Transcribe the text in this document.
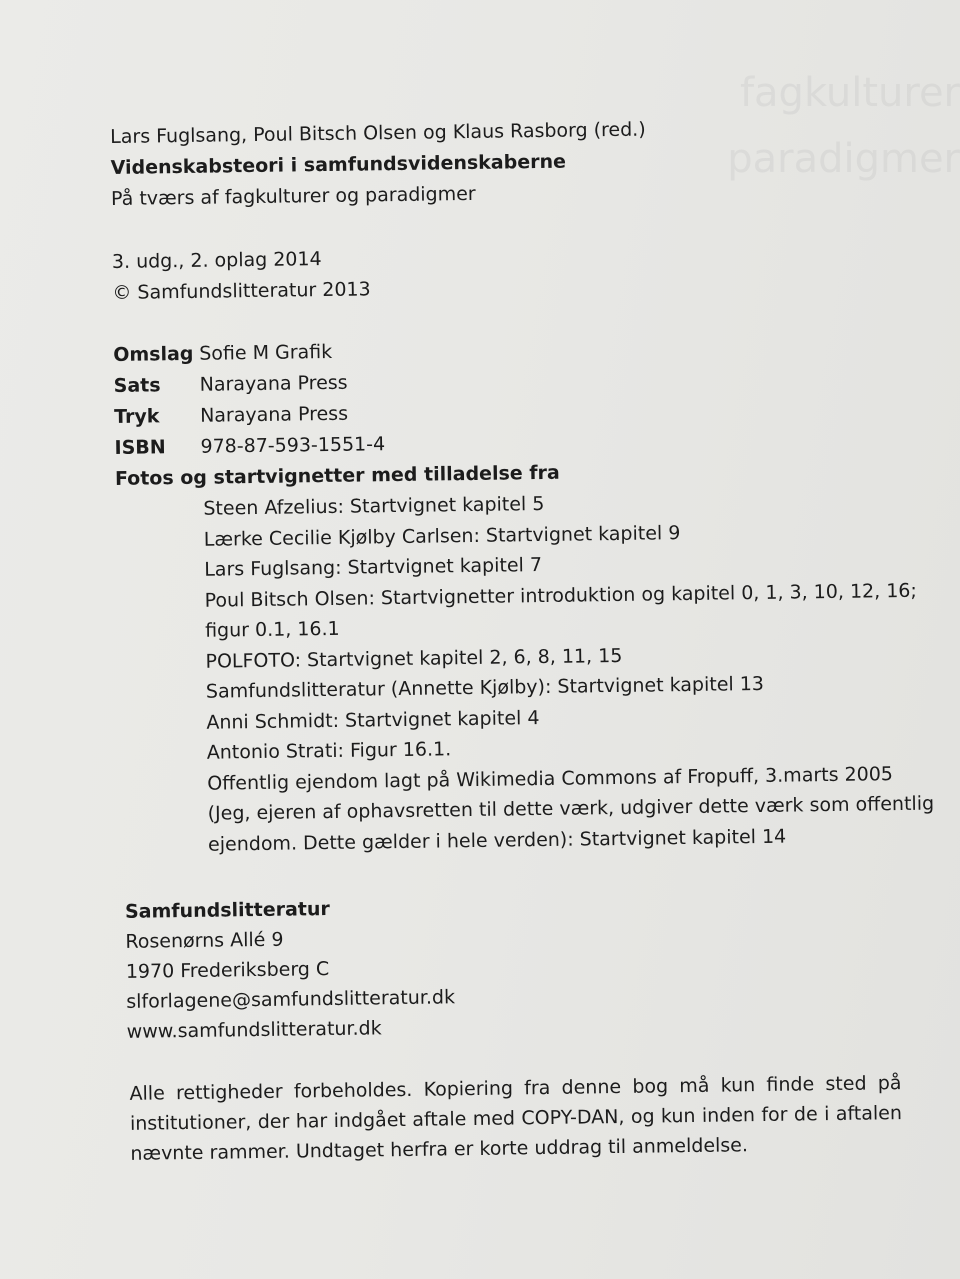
fagkulturer
paradigmer
Lars Fuglsang, Poul Bitsch Olsen og Klaus Rasborg (red.)
Videnskabsteori i samfundsvidenskaberne
På tværs af fagkulturer og paradigmer
3. udg., 2. oplag 2014
© Samfundslitteratur 2013
Omslag Sofie M Grafik
Sats	Narayana Press
Tryk	Narayana Press
ISBN	978-87-593-1551-4
Fotos og startvignetter med tilladelse fra
Steen Afzelius: Startvignet kapitel 5
Lærke Cecilie Kjølby Carlsen: Startvignet kapitel 9
Lars Fuglsang: Startvignet kapitel 7
Poul Bitsch Olsen: Startvignetter introduktion og kapitel 0, 1, 3, 10, 12, 16;
figur 0.1, 16.1
POLFOTO: Startvignet kapitel 2, 6, 8, 11, 15
Samfundslitteratur (Annette Kjølby): Startvignet kapitel 13
Anni Schmidt: Startvignet kapitel 4
Antonio Strati: Figur 16.1.
Offentlig ejendom lagt på Wikimedia Commons af Fropuff, 3.marts 2005
(Jeg, ejeren af ophavsretten til dette værk, udgiver dette værk som offentlig
ejendom. Dette gælder i hele verden): Startvignet kapitel 14
Samfundslitteratur
Rosenørns Allé 9
1970 Frederiksberg C
slforlagene@samfundslitteratur.dk
www.samfundslitteratur.dk
Alle rettigheder forbeholdes. Kopiering fra denne bog må kun finde sted på institutioner, der har indgået aftale med COPY-DAN, og kun inden for de i aftalen nævnte rammer. Undtaget herfra er korte uddrag til anmeldelse.
